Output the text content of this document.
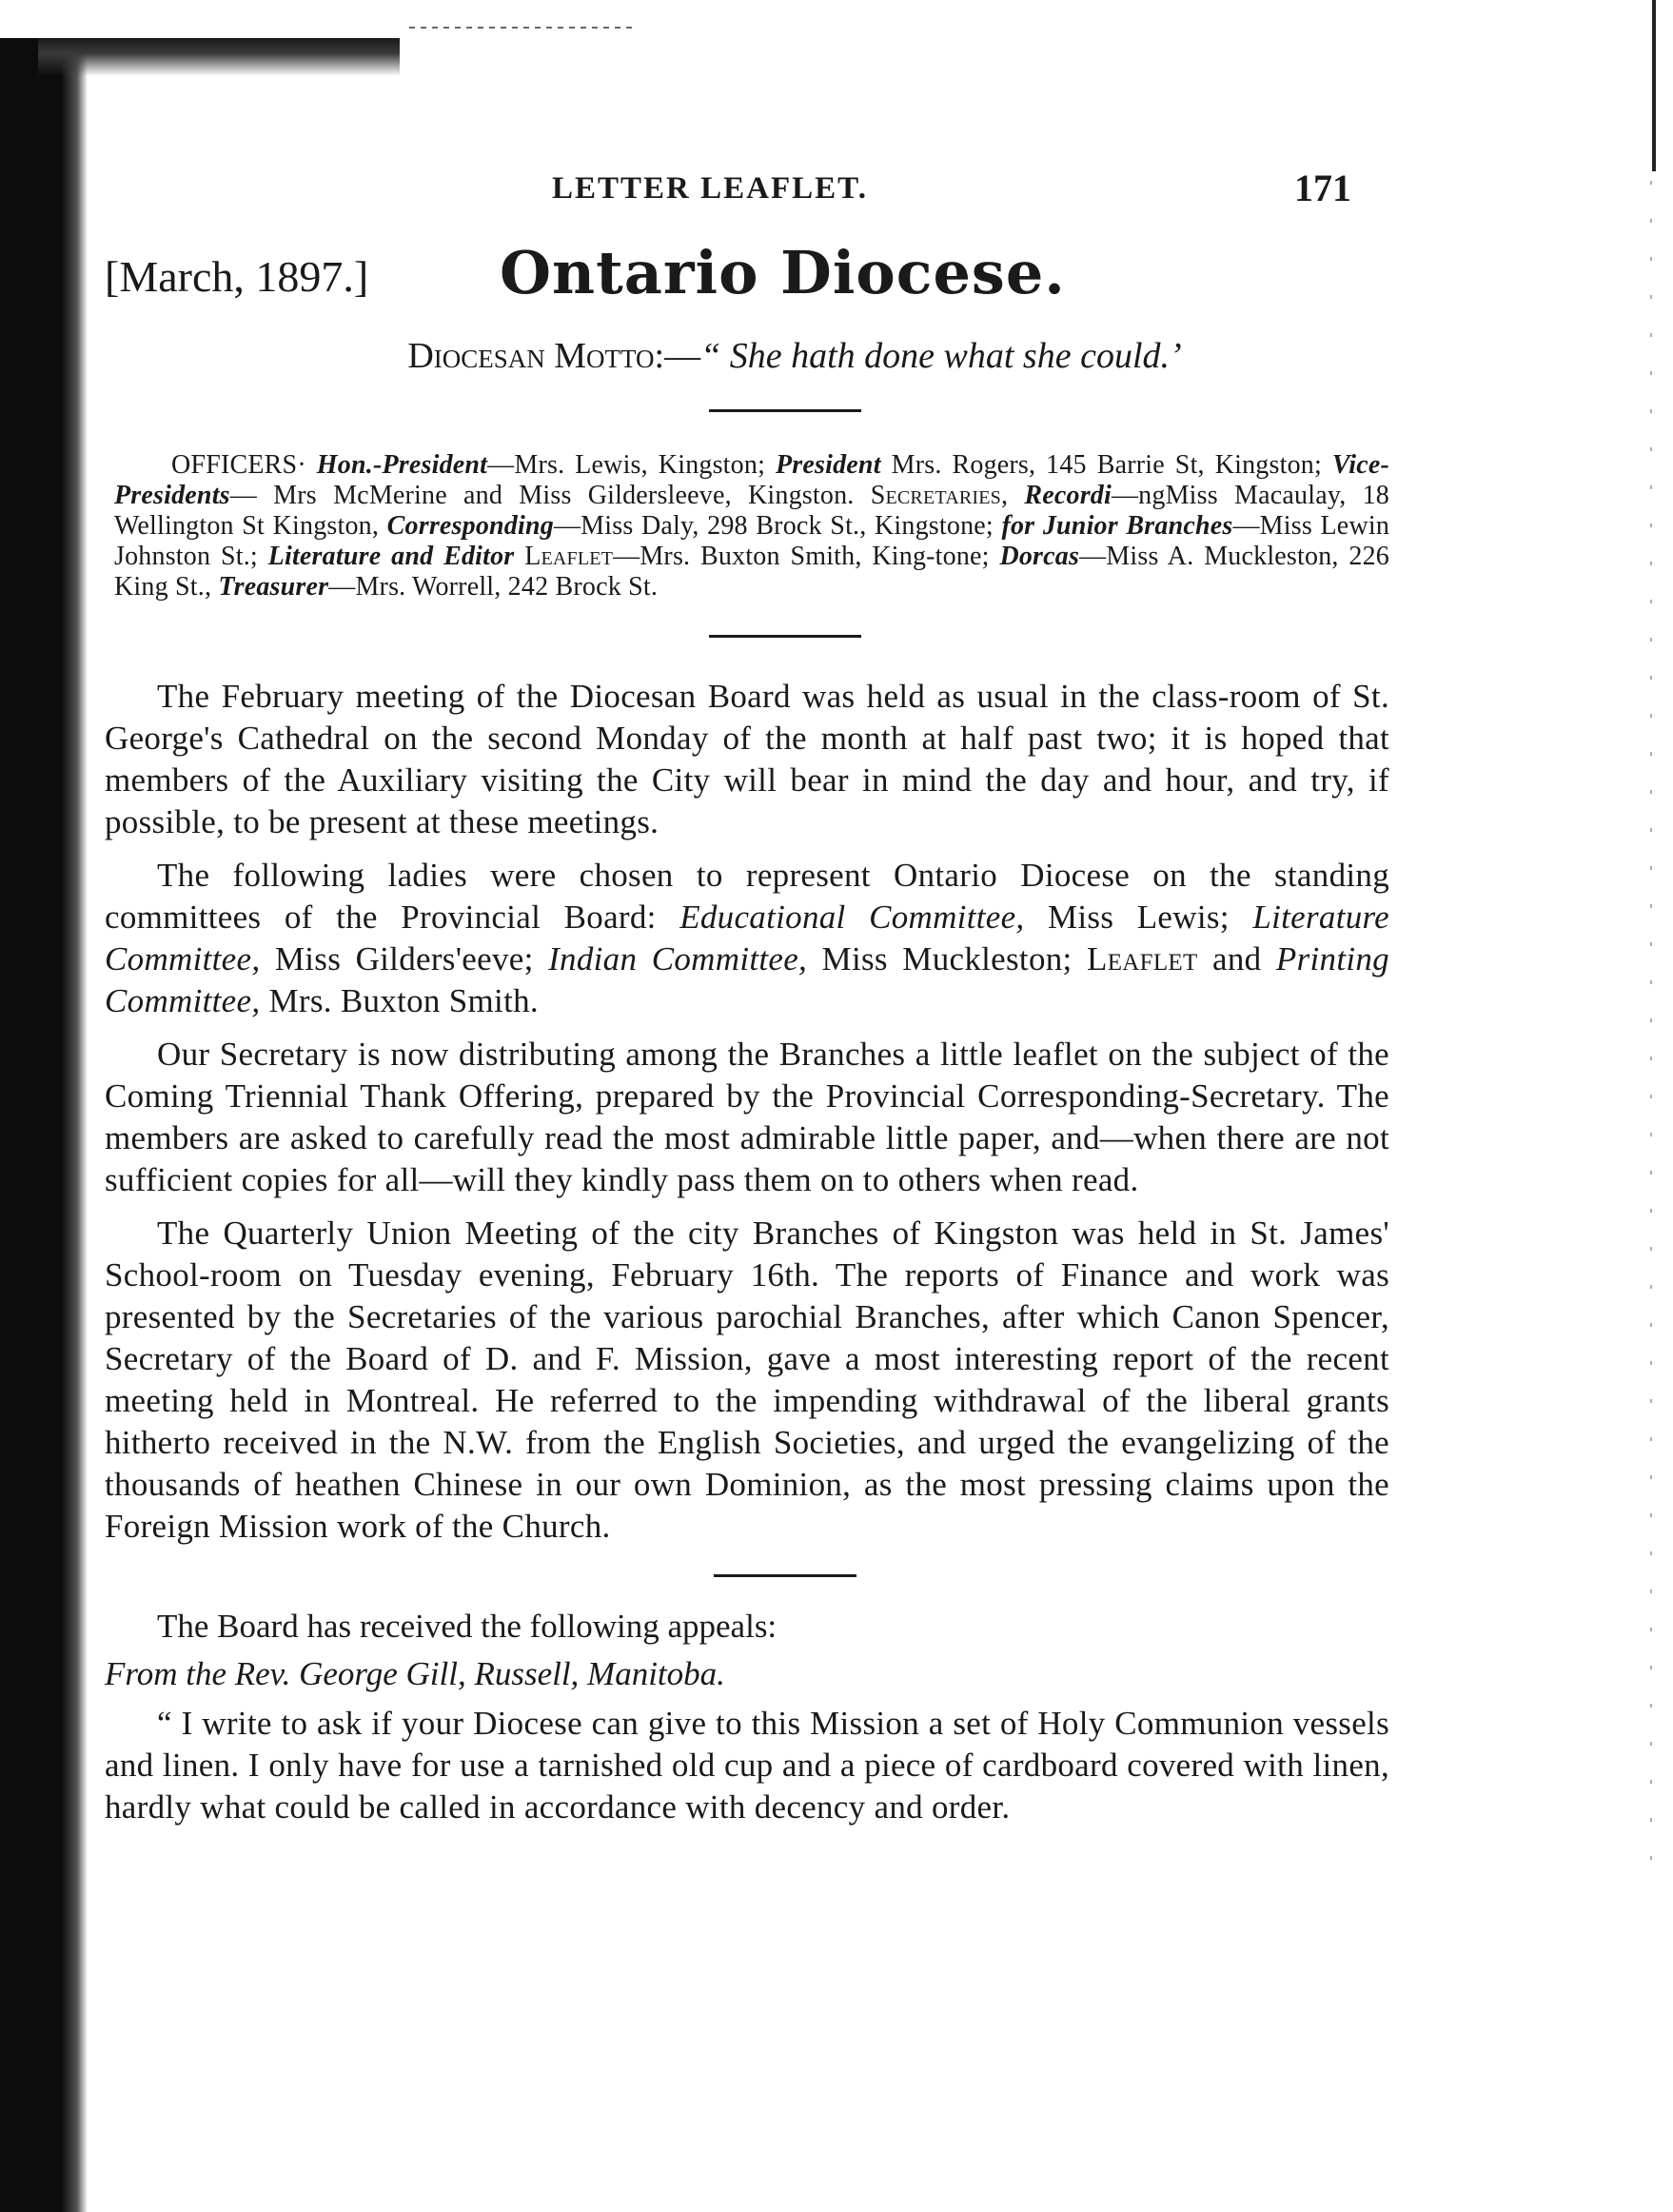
LETTER LEAFLET.	171
[March, 1897.] Ontario Diocese.
Diocesan Motto:—“ She hath done what she could.’
OFFICERS· Hon.-President—Mrs. Lewis, Kingston; President Mrs. Rogers, 145 Barrie St, Kingston; Vice-Presidents— Mrs McMerine and Miss Gildersleeve, Kingston. Secretaries, Recordi—ngMiss Macaulay, 18 Wellington St Kingston, Corresponding—Miss Daly, 298 Brock St., Kingstone; for Junior Branches—Miss Lewin Johnston St.; Literature and Editor Leaflet—Mrs. Buxton Smith, King-tone; Dorcas—Miss A. Muckleston, 226 King St., Treasurer—Mrs. Worrell, 242 Brock St.

The February meeting of the Diocesan Board was held as usual in the class-room of St. George's Cathedral on the second Monday of the month at half past two; it is hoped that members of the Auxiliary visiting the City will bear in mind the day and hour, and try, if possible, to be present at these meetings.

The following ladies were chosen to represent Ontario Diocese on the standing committees of the Provincial Board: Educational Committee, Miss Lewis; Literature Committee, Miss Gilders'eeve; Indian Committee, Miss Muckleston; Leaflet and Printing Committee, Mrs. Buxton Smith.

Our Secretary is now distributing among the Branches a little leaflet on the subject of the Coming Triennial Thank Offering, prepared by the Provincial Corresponding-Secretary. The members are asked to carefully read the most admirable little paper, and—when there are not sufficient copies for all—will they kindly pass them on to others when read.

The Quarterly Union Meeting of the city Branches of Kingston was held in St. James' School-room on Tuesday evening, February 16th. The reports of Finance and work was presented by the Secretaries of the various parochial Branches, after which Canon Spencer, Secretary of the Board of D. and F. Mission, gave a most interesting report of the recent meeting held in Montreal. He referred to the impending withdrawal of the liberal grants hitherto received in the N.W. from the English Societies, and urged the evangelizing of the thousands of heathen Chinese in our own Dominion, as the most pressing claims upon the Foreign Mission work of the Church.

The Board has received the following appeals:

From the Rev. George Gill, Russell, Manitoba.

“ I write to ask if your Diocese can give to this Mission a set of Holy Communion vessels and linen. I only have for use a tarnished old cup and a piece of cardboard covered with linen, hardly what could be called in accordance with decency and order.
